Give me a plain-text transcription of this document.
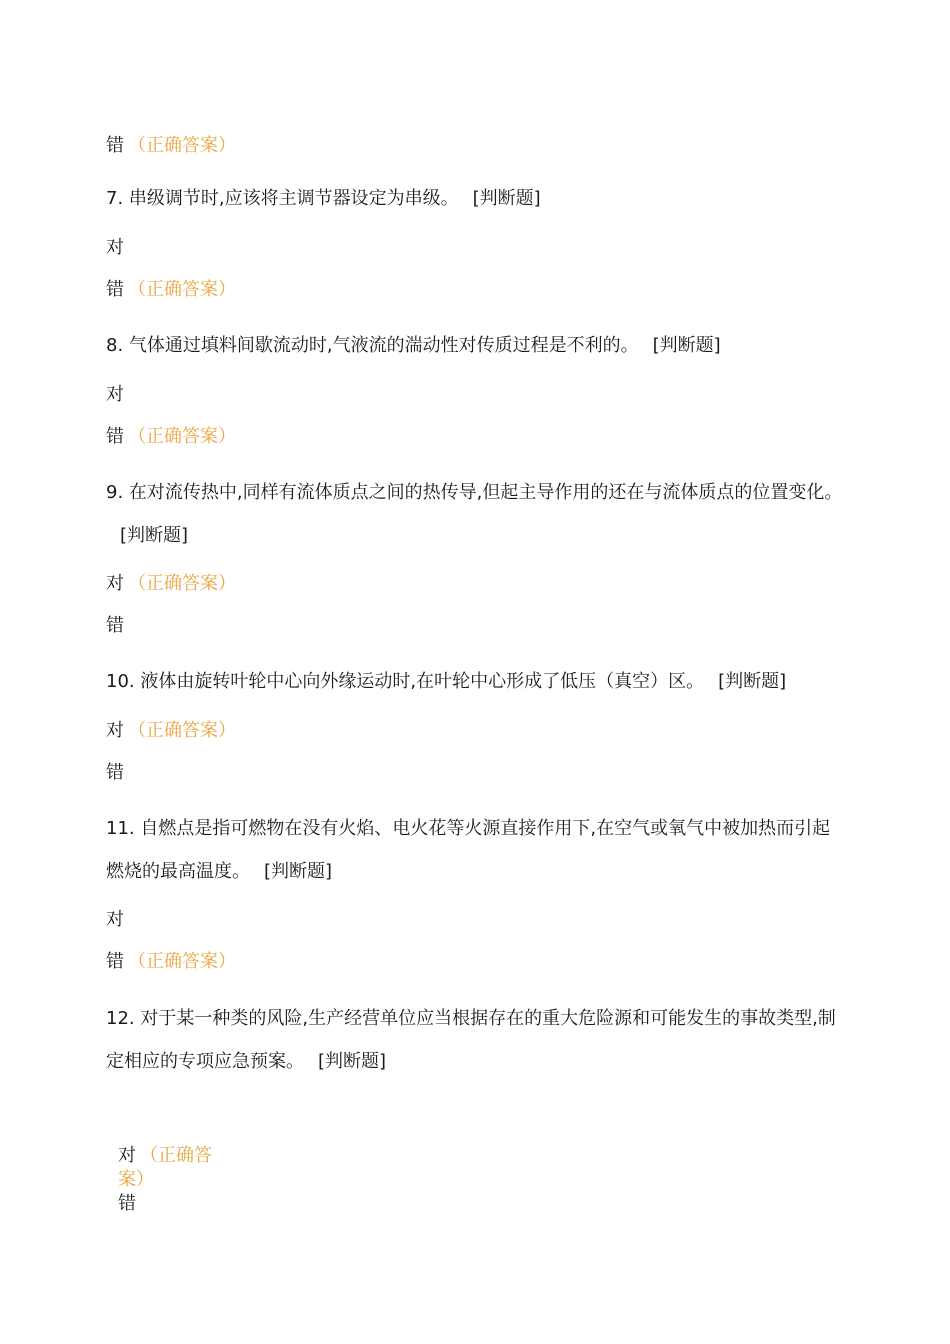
错 （正确答案）
7. 串级调节时,应该将主调节器设定为串级。 [判断题]
对
错 （正确答案）
8. 气体通过填料间歇流动时,气液流的湍动性对传质过程是不利的。 [判断题]
对
错 （正确答案）
9. 在对流传热中,同样有流体质点之间的热传导,但起主导作用的还在与流体质点的位置变化。[判断题]
对 （正确答案）
错
10. 液体由旋转叶轮中心向外缘运动时,在叶轮中心形成了低压（真空）区。 [判断题]
对 （正确答案）
错
11. 自燃点是指可燃物在没有火焰、电火花等火源直接作用下,在空气或氧气中被加热而引起燃烧的最高温度。 [判断题]
对
错 （正确答案）
12. 对于某一种类的风险,生产经营单位应当根据存在的重大危险源和可能发生的事故类型,制定相应的专项应急预案。 [判断题]
对 （正确答案）
错
